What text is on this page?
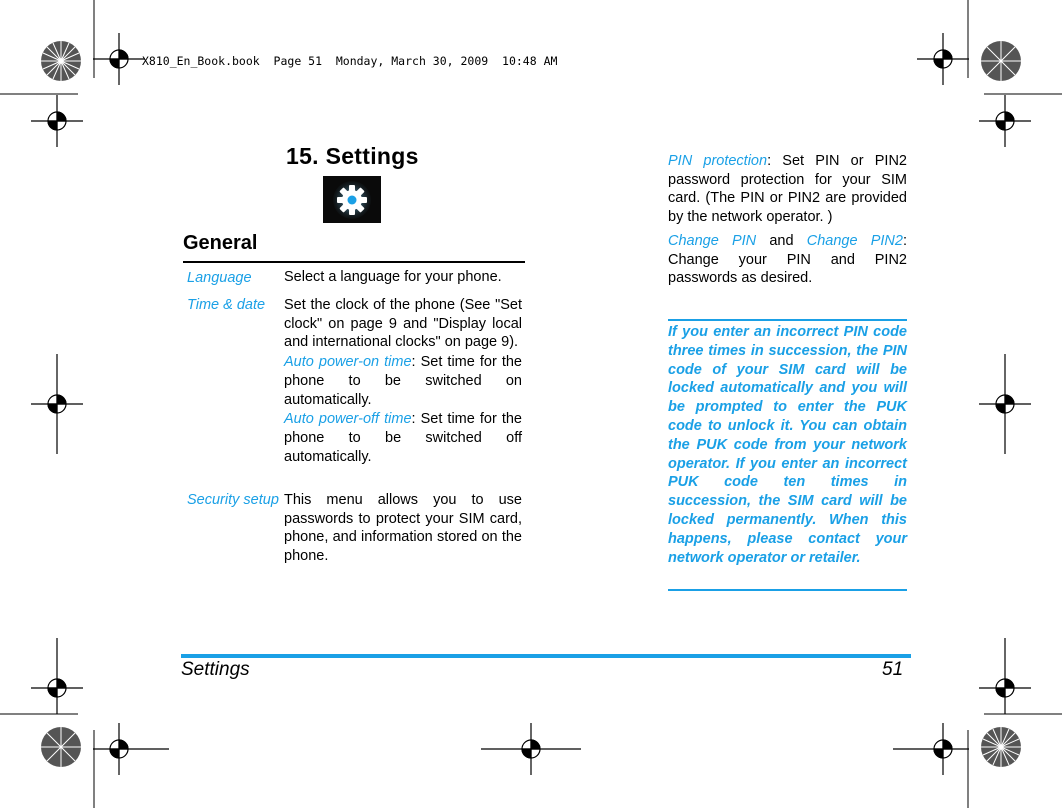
X810_En_Book.book  Page 51  Monday, March 30, 2009  10:48 AM
15. Settings
General
Language Select a language for your phone.

Time & date Set the clock of the phone (See "Set clock" on page 9 and "Display local and international clocks" on page 9).

Auto power-on time: Set time for the phone to be switched on automatically.

Auto power-off time: Set time for the phone to be switched off automatically.

Security setup This menu allows you to use passwords to protect your SIM card, phone, and information stored on the phone.

PIN protection: Set PIN or PIN2 password protection for your SIM card. (The PIN or PIN2 are provided by the network operator. )

Change PIN and Change PIN2: Change your PIN and PIN2 passwords as desired.

If you enter an incorrect PIN code three times in succession, the PIN code of your SIM card will be locked automatically and you will be prompted to enter the PUK code to unlock it. You can obtain the PUK code from your network operator. If you enter an incorrect PUK code ten times in succession, the SIM card will be locked permanently. When this happens, please contact your network operator or retailer.
Settings	51
